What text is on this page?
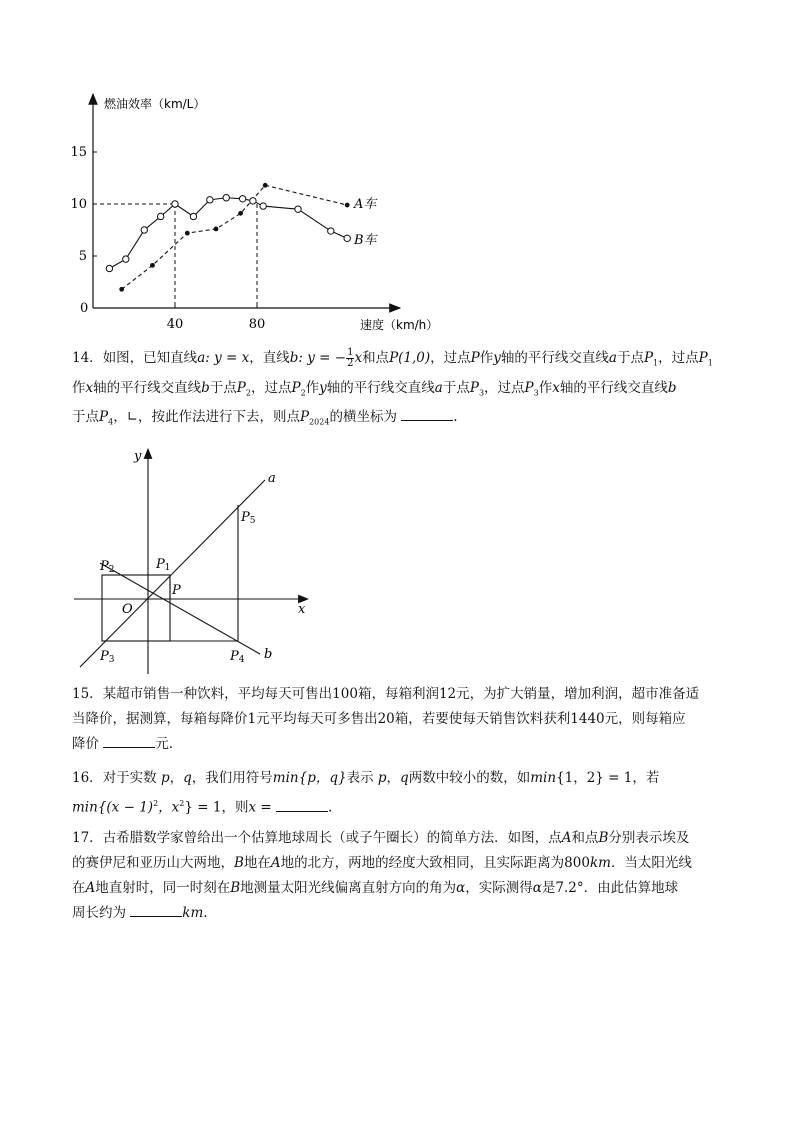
燃油效率（km/L）
速度（km/h）
0
5
10
15
40	80
A车
B车
14．如图，已知直线a: y = x，直线b: y = − $\frac{1}{2}$ x和点P(1,0)，过点P作y轴的平行线交直线a于点$P_1$，过点$P_1$
作x轴的平行线交直线b于点$P_2$，过点$P_2$作y轴的平行线交直线a于点$P_3$，过点$P_3$作x轴的平行线交直线b
于点$P_4$，∟，按此作法进行下去，则点$P_{2024}$的横坐标为	.
y
x
O
a
b
P
P1
P2
P3	P4
P5
15．某超市销售一种饮料，平均每天可售出100箱，每箱利润12元，为扩大销量，增加利润，超市准备适
当降价，据测算，每箱每降价1元平均每天可多售出20箱，若要使每天销售饮料获利1440元，则每箱应
降价	元．
16．对于实数 p，q，我们用符号min{p，q}表示 p，q两数中较小的数，如min{1，2} = 1，若
$\min\{(x - 1)^2$，$x^2\} = 1$，则x =	.
17．古希腊数学家曾给出一个估算地球周长（或子午圈长）的简单方法．如图，点A和点B分别表示埃及
的赛伊尼和亚历山大两地，B地在A地的北方，两地的经度大致相同，且实际距离为800km．当太阳光线
在A地直射时，同一时刻在B地测量太阳光线偏离直射方向的角为α，实际测得α是7.2°．由此估算地球
周长约为	km.
